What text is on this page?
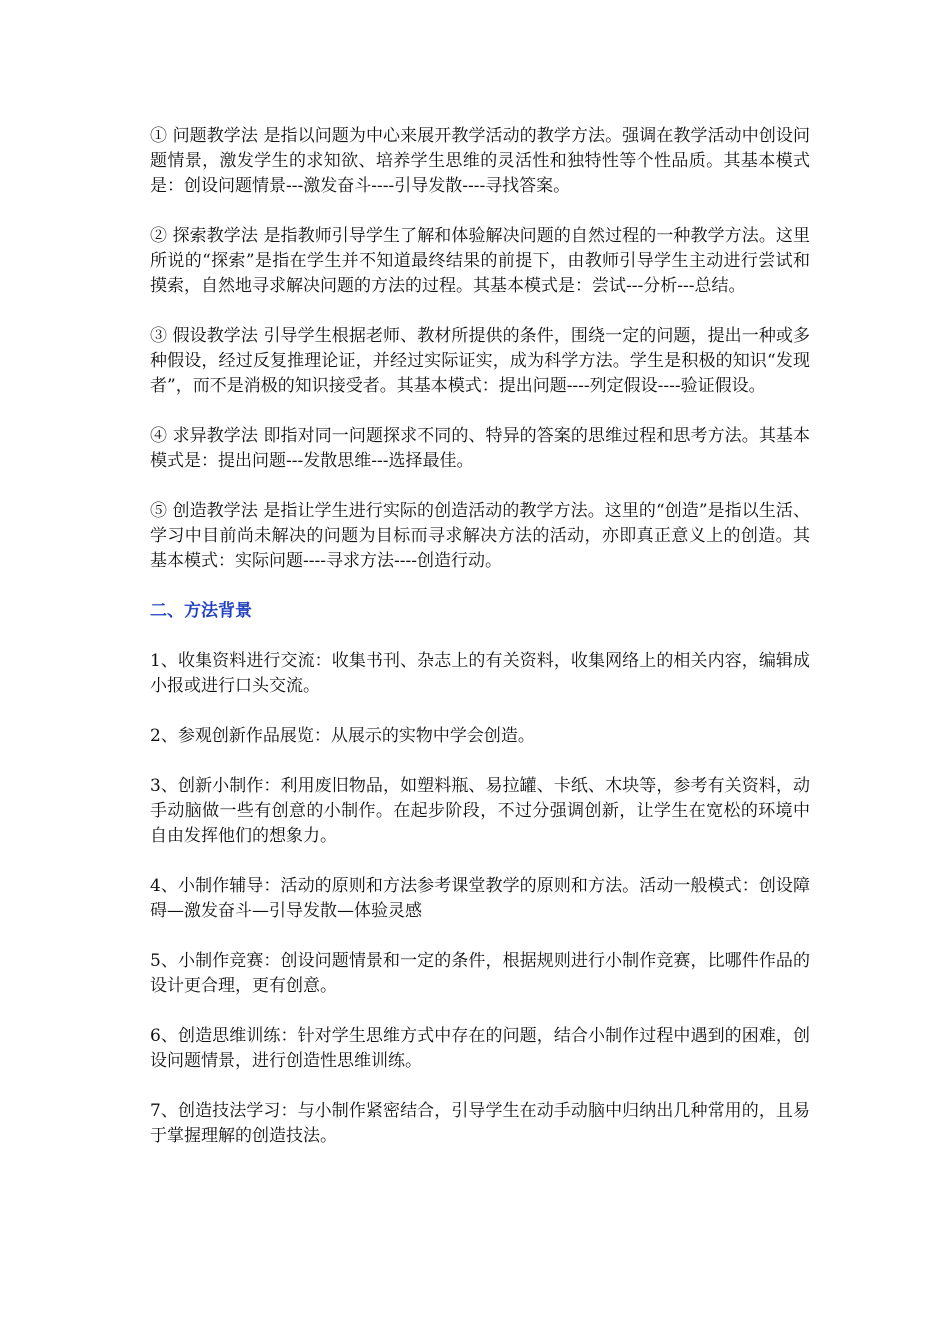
① 问题教学法 是指以问题为中心来展开教学活动的教学方法。强调在教学活动中创设问题情景，激发学生的求知欲、培养学生思维的灵活性和独特性等个性品质。其基本模式是：创设问题情景---激发奋斗----引导发散----寻找答案。

② 探索教学法 是指教师引导学生了解和体验解决问题的自然过程的一种教学方法。这里所说的“探索”是指在学生并不知道最终结果的前提下，由教师引导学生主动进行尝试和摸索，自然地寻求解决问题的方法的过程。其基本模式是：尝试---分析---总结。

③ 假设教学法 引导学生根据老师、教材所提供的条件，围绕一定的问题，提出一种或多种假设，经过反复推理论证，并经过实际证实，成为科学方法。学生是积极的知识“发现者”，而不是消极的知识接受者。其基本模式：提出问题----列定假设----验证假设。

④ 求异教学法 即指对同一问题探求不同的、特异的答案的思维过程和思考方法。其基本模式是：提出问题---发散思维---选择最佳。

⑤ 创造教学法 是指让学生进行实际的创造活动的教学方法。这里的“创造”是指以生活、学习中目前尚未解决的问题为目标而寻求解决方法的活动，亦即真正意义上的创造。其基本模式：实际问题----寻求方法----创造行动。

二、方法背景

1、收集资料进行交流：收集书刊、杂志上的有关资料，收集网络上的相关内容，编辑成小报或进行口头交流。

2、参观创新作品展览：从展示的实物中学会创造。

3、创新小制作：利用废旧物品，如塑料瓶、易拉罐、卡纸、木块等，参考有关资料，动手动脑做一些有创意的小制作。在起步阶段，不过分强调创新，让学生在宽松的环境中自由发挥他们的想象力。

4、小制作辅导：活动的原则和方法参考课堂教学的原则和方法。活动一般模式：创设障碍—激发奋斗—引导发散—体验灵感

5、小制作竞赛：创设问题情景和一定的条件，根据规则进行小制作竞赛，比哪件作品的设计更合理，更有创意。

6、创造思维训练：针对学生思维方式中存在的问题，结合小制作过程中遇到的困难，创设问题情景，进行创造性思维训练。

7、创造技法学习：与小制作紧密结合，引导学生在动手动脑中归纳出几种常用的，且易于掌握理解的创造技法。
